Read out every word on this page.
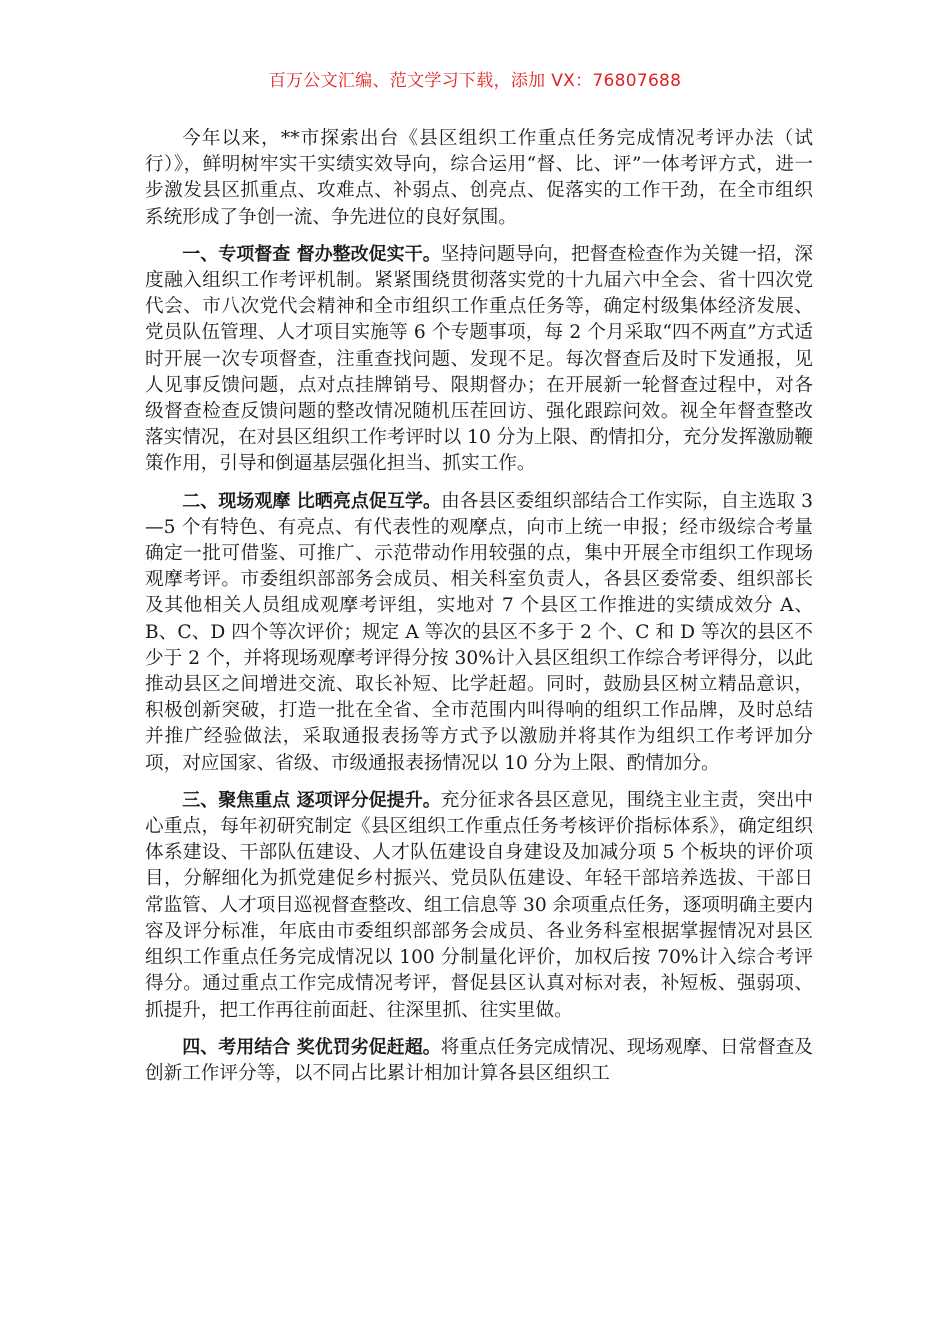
百万公文汇编、范文学习下载，添加 VX：76807688

今年以来，**市探索出台《县区组织工作重点任务完成情况考评办法（试行）》，鲜明树牢实干实绩实效导向，综合运用“督、比、评”一体考评方式，进一步激发县区抓重点、攻难点、补弱点、创亮点、促落实的工作干劲，在全市组织系统形成了争创一流、争先进位的良好氛围。

一、专项督查 督办整改促实干。坚持问题导向，把督查检查作为关键一招，深度融入组织工作考评机制。紧紧围绕贯彻落实党的十九届六中全会、省十四次党代会、市八次党代会精神和全市组织工作重点任务等，确定村级集体经济发展、党员队伍管理、人才项目实施等 6 个专题事项，每 2 个月采取“四不两直”方式适时开展一次专项督查，注重查找问题、发现不足。每次督查后及时下发通报，见人见事反馈问题，点对点挂牌销号、限期督办；在开展新一轮督查过程中，对各级督查检查反馈问题的整改情况随机压茬回访、强化跟踪问效。视全年督查整改落实情况，在对县区组织工作考评时以 10 分为上限、酌情扣分，充分发挥激励鞭策作用，引导和倒逼基层强化担当、抓实工作。

二、现场观摩 比晒亮点促互学。由各县区委组织部结合工作实际，自主选取 3—5 个有特色、有亮点、有代表性的观摩点，向市上统一申报；经市级综合考量确定一批可借鉴、可推广、示范带动作用较强的点，集中开展全市组织工作现场观摩考评。市委组织部部务会成员、相关科室负责人，各县区委常委、组织部长及其他相关人员组成观摩考评组，实地对 7 个县区工作推进的实绩成效分 A、B、C、D 四个等次评价；规定 A 等次的县区不多于 2 个、C 和 D 等次的县区不少于 2 个，并将现场观摩考评得分按 30%计入县区组织工作综合考评得分，以此推动县区之间增进交流、取长补短、比学赶超。同时，鼓励县区树立精品意识，积极创新突破，打造一批在全省、全市范围内叫得响的组织工作品牌，及时总结并推广经验做法，采取通报表扬等方式予以激励并将其作为组织工作考评加分项，对应国家、省级、市级通报表扬情况以 10 分为上限、酌情加分。

三、聚焦重点 逐项评分促提升。充分征求各县区意见，围绕主业主责，突出中心重点，每年初研究制定《县区组织工作重点任务考核评价指标体系》，确定组织体系建设、干部队伍建设、人才队伍建设自身建设及加减分项 5 个板块的评价项目，分解细化为抓党建促乡村振兴、党员队伍建设、年轻干部培养选拔、干部日常监管、人才项目巡视督查整改、组工信息等 30 余项重点任务，逐项明确主要内容及评分标准，年底由市委组织部部务会成员、各业务科室根据掌握情况对县区组织工作重点任务完成情况以 100 分制量化评价，加权后按 70%计入综合考评得分。通过重点工作完成情况考评，督促县区认真对标对表，补短板、强弱项、抓提升，把工作再往前面赶、往深里抓、往实里做。

四、考用结合 奖优罚劣促赶超。将重点任务完成情况、现场观摩、日常督查及创新工作评分等，以不同占比累计相加计算各县区组织工
